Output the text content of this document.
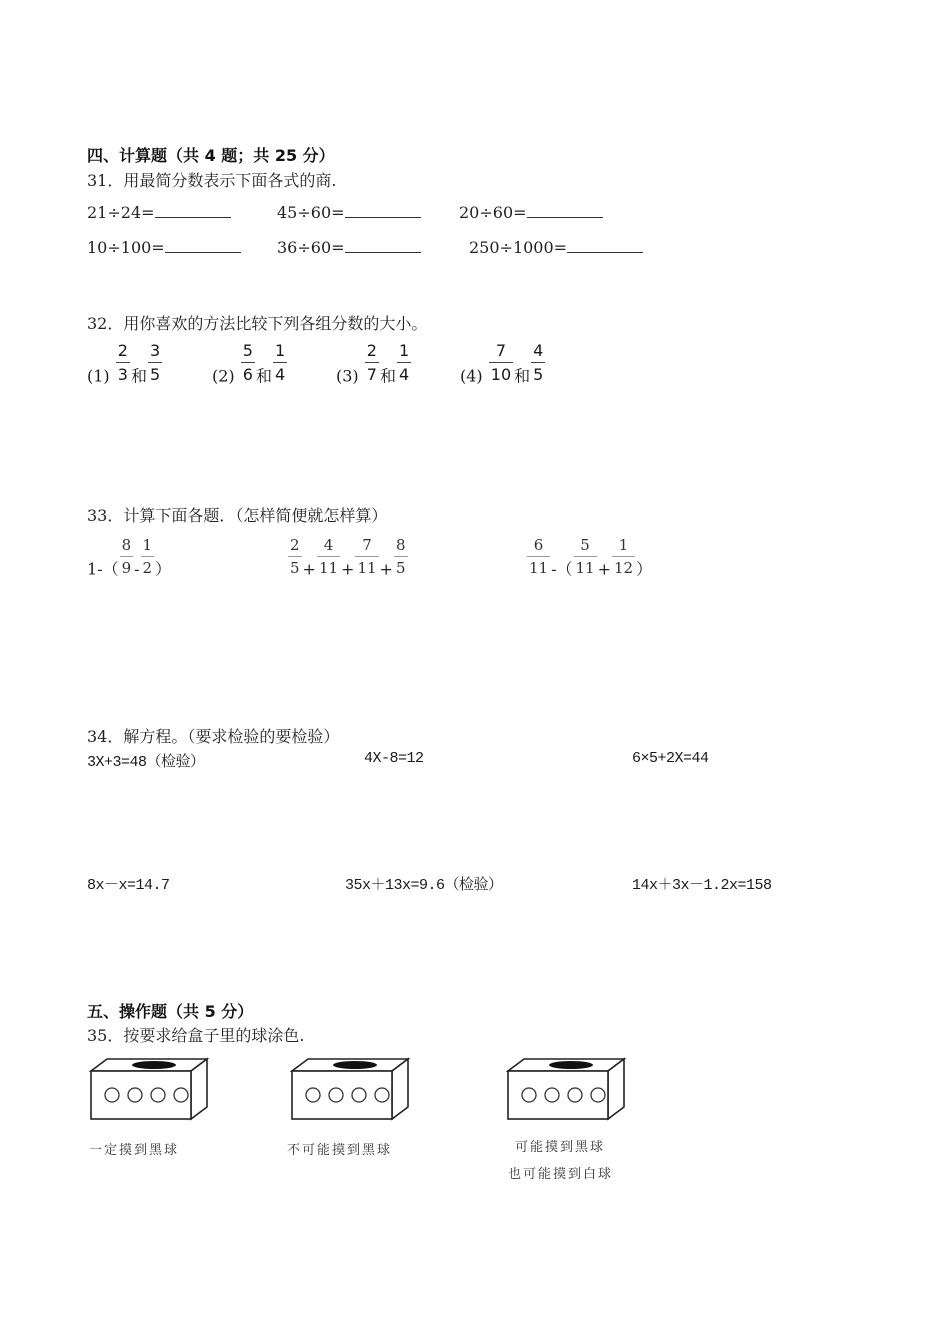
四、计算题（共 4 题；共 25 分）
31．用最简分数表示下面各式的商.
21÷24=	45÷60=	20÷60=
10÷100=	36÷60=	250÷1000=
32．用你喜欢的方法比较下列各组分数的大小。
$(1) \frac{2}{3}$ 和 $\frac{3}{5}$	$(2) \frac{5}{6}$ 和 $\frac{1}{4}$	$(3) \frac{2}{7}$ 和 $\frac{1}{4}$	$(4) \frac{7}{10}$ 和 $\frac{4}{5}$
33．计算下面各题．（怎样简便就怎样算）
$1-( \frac{8}{9} - \frac{1}{2}$ ）	$\frac{2}{5} + \frac{4}{11} + \frac{7}{11} + \frac{8}{5}$	$\frac{6}{11}$ -（ $\frac{5}{11} + \frac{1}{12}$ ）
34．解方程。（要求检验的要检验）
3X+3=48（检验）	4X-8=12	6×5+2X=44
8x－x=14.7	35x＋13x=9.6（检验）	14x＋3x－1.2x=158
五、操作题（共 5 分）
35．按要求给盒子里的球涂色.
一定摸到黑球	不可能摸到黑球	可能摸到黑球
也可能摸到白球
